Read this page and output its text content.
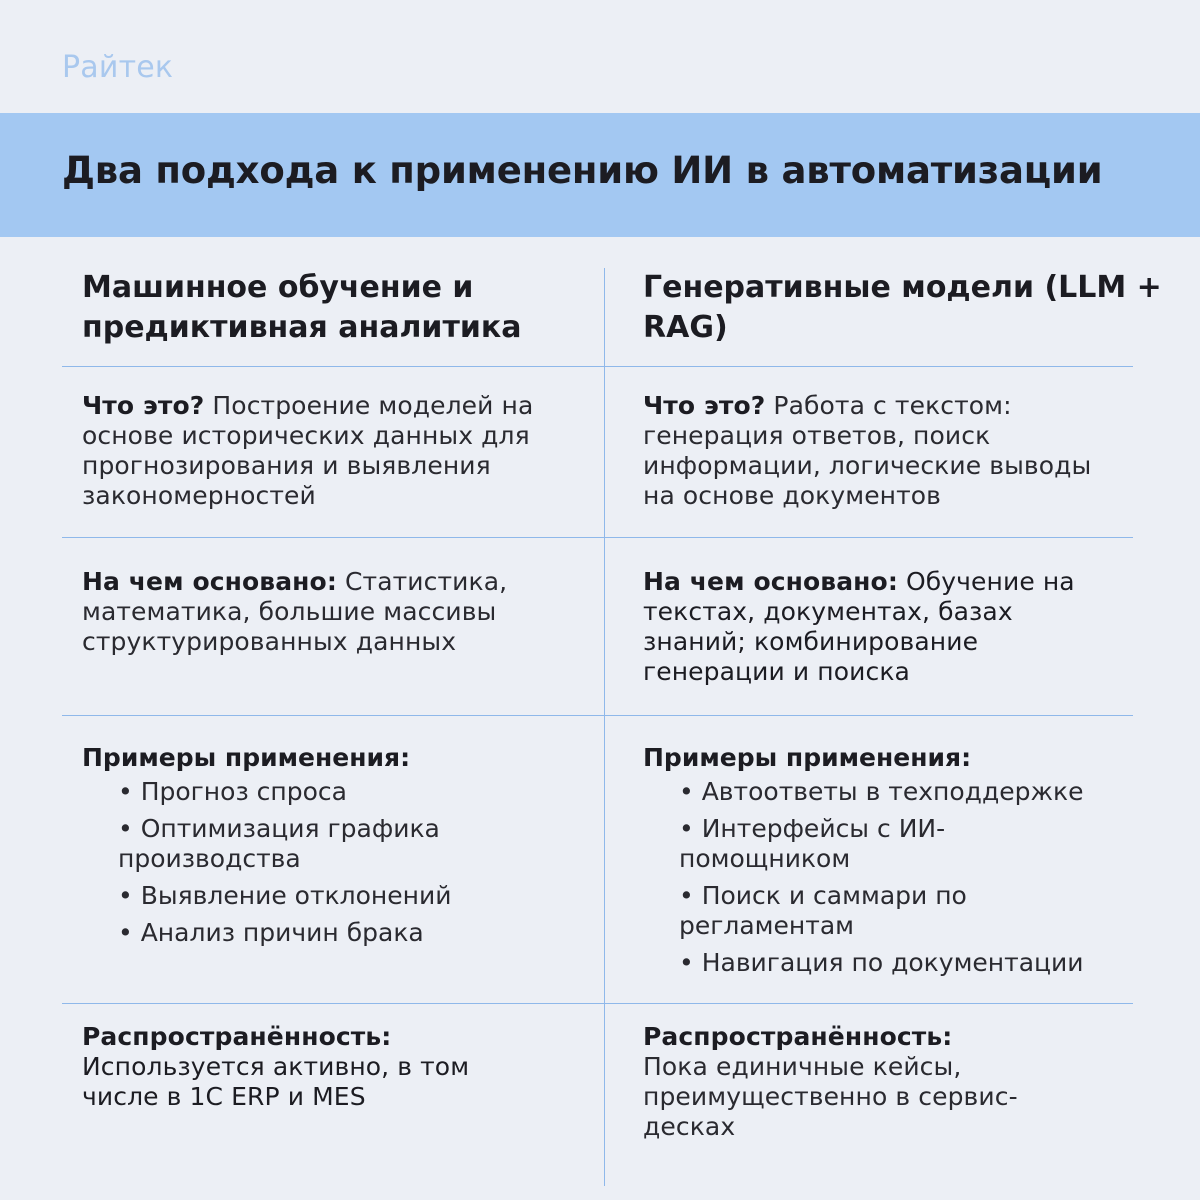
Райтек
Два подхода к применению ИИ в автоматизации
Машинное обучение и предиктивная аналитика
Что это? Построение моделей на основе исторических данных для прогнозирования и выявления закономерностей
На чем основано: Статистика, математика, большие массивы структурированных данных
Примеры применения:
• Прогноз спроса
• Оптимизация графика производства
• Выявление отклонений
• Анализ причин брака
Распространённость:
Используется активно, в том числе в 1С ERP и MES
Генеративные модели (LLM + RAG)
Что это? Работа с текстом: генерация ответов, поиск информации, логические выводы на основе документов
На чем основано: Обучение на текстах, документах, базах знаний; комбинирование генерации и поиска
Примеры применения:
• Автоответы в техподдержке
• Интерфейсы с ИИ-помощником
• Поиск и саммари по регламентам
• Навигация по документации
Распространённость:
Пока единичные кейсы, преимущественно в сервис-десках
